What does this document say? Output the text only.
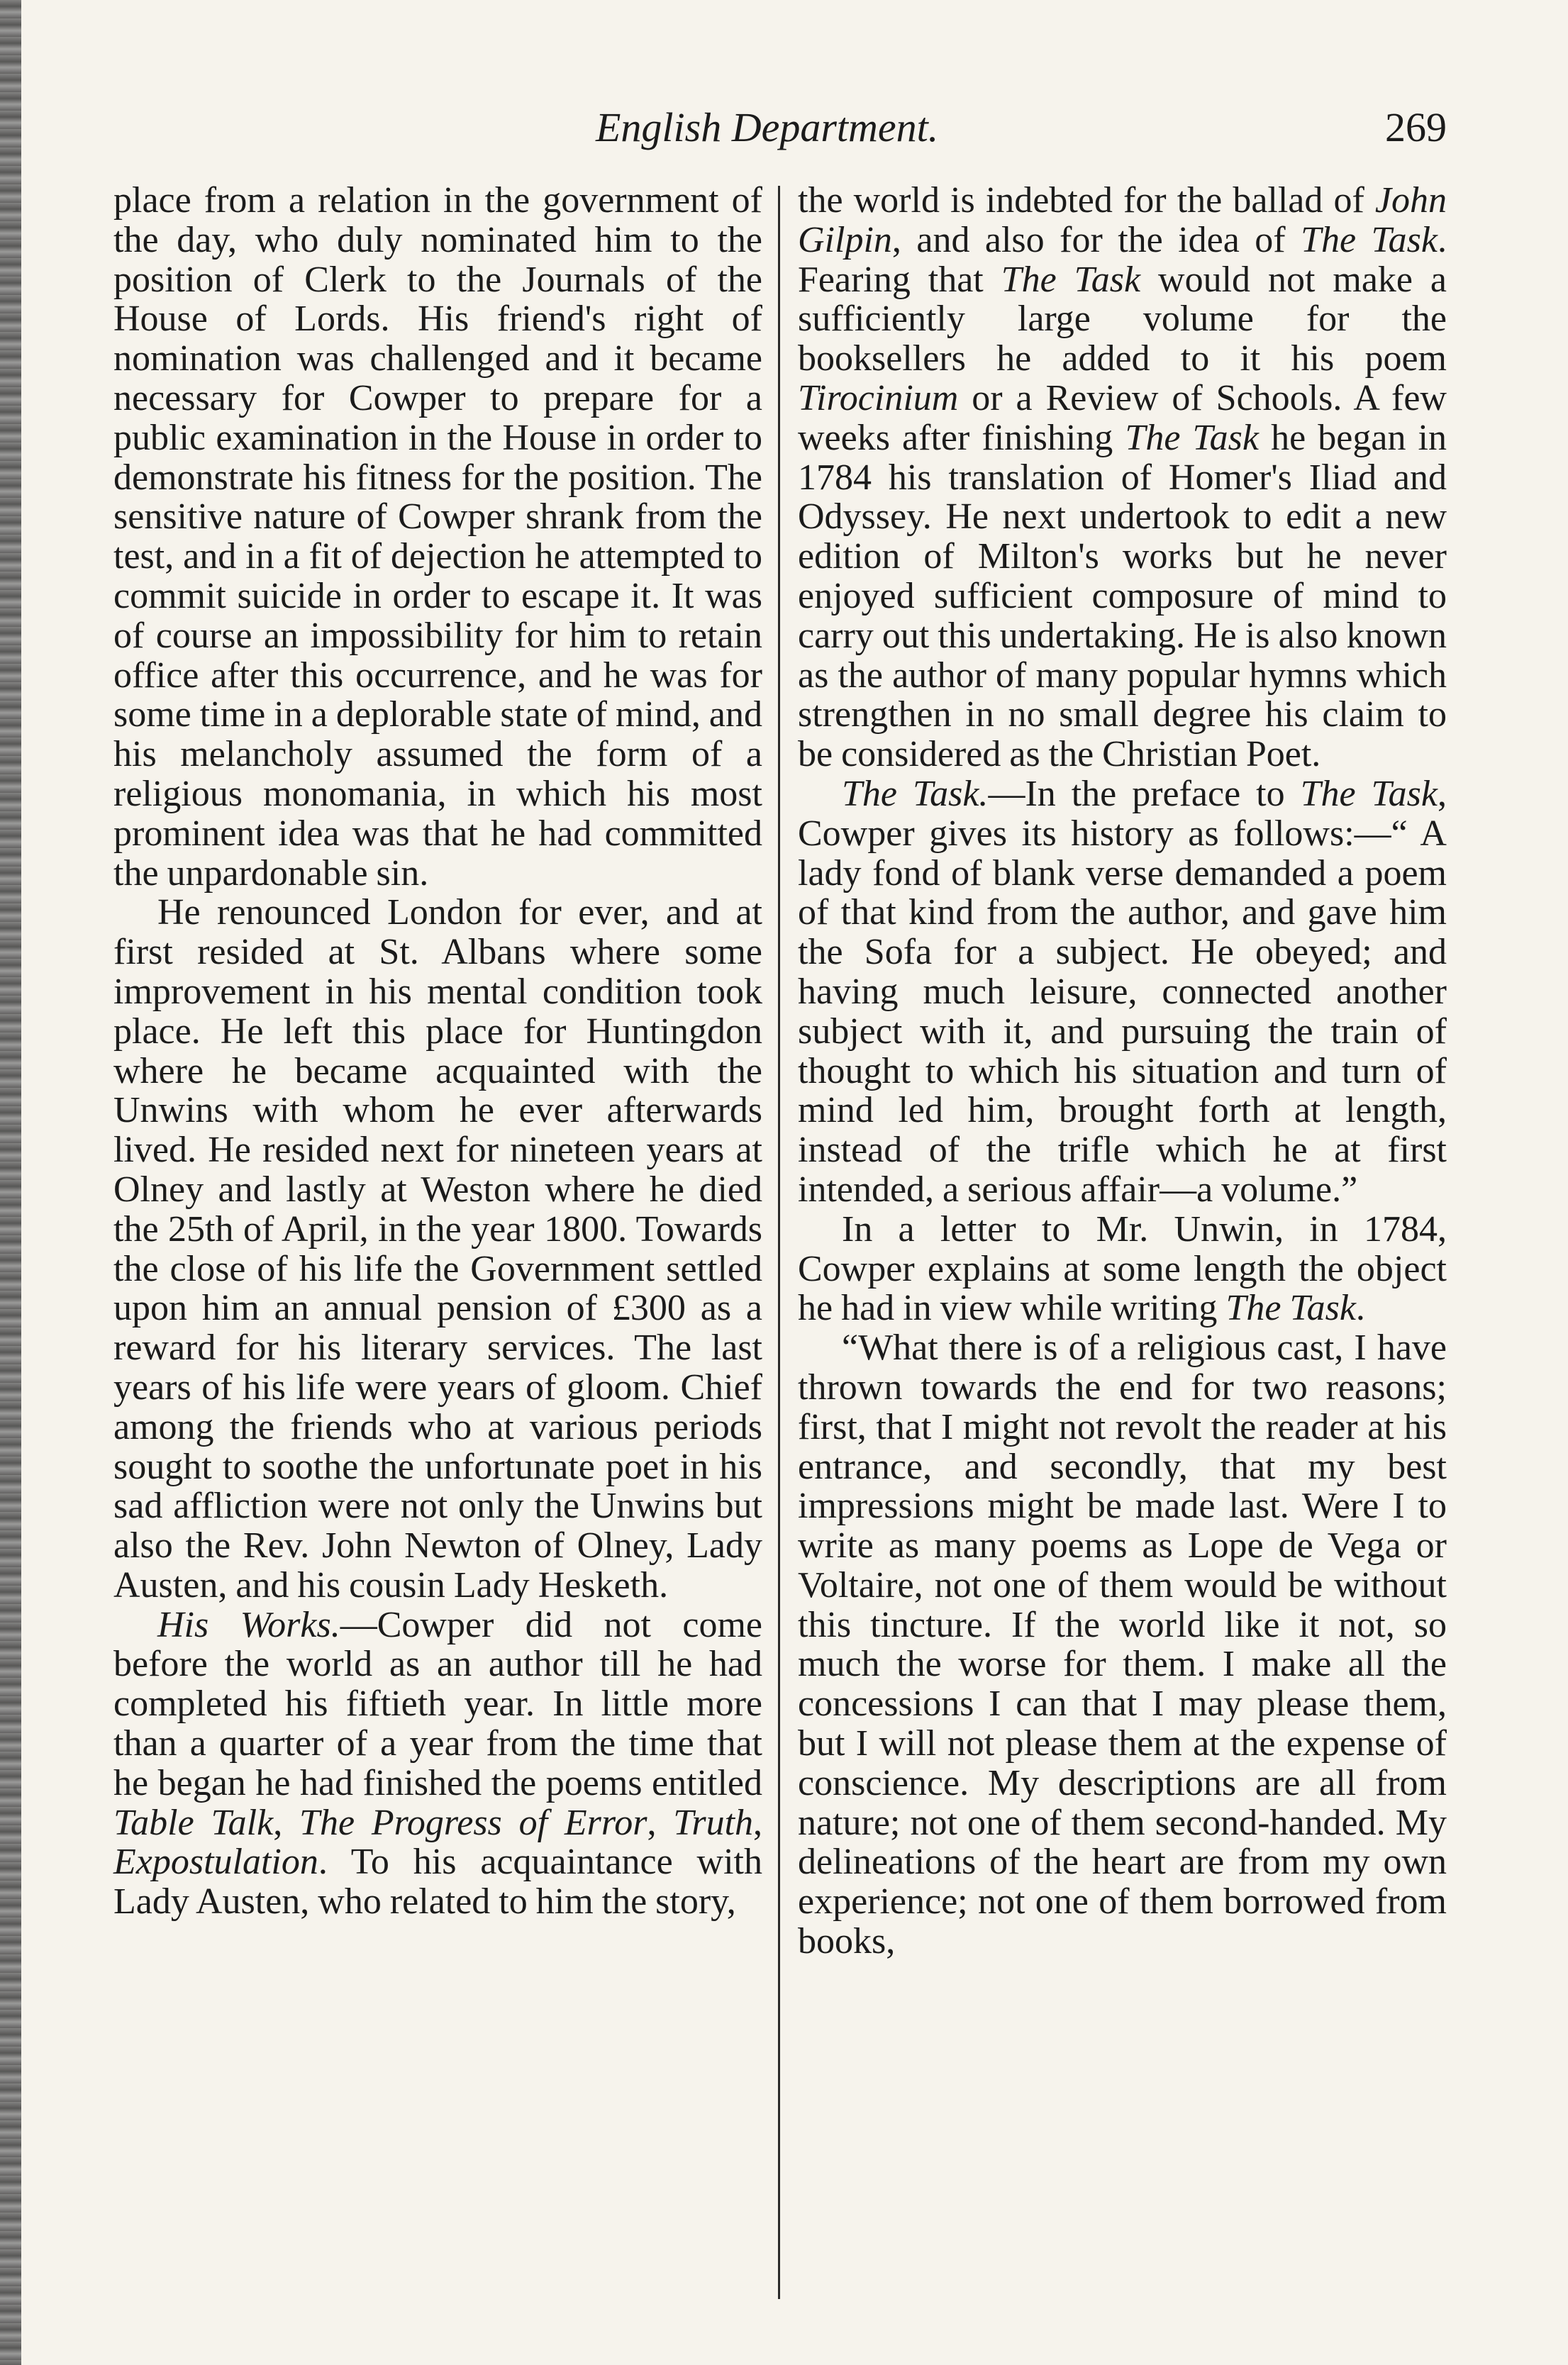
English Department.	269

place from a relation in the government of the day, who duly nominated him to the position of Clerk to the Journals of the House of Lords. His friend's right of nomination was challenged and it became necessary for Cowper to prepare for a public examination in the House in order to demonstrate his fitness for the position. The sensitive nature of Cowper shrank from the test, and in a fit of dejection he attempted to commit suicide in order to escape it. It was of course an impossibility for him to retain office after this occurrence, and he was for some time in a deplorable state of mind, and his melancholy assumed the form of a religious monomania, in which his most prominent idea was that he had committed the unpardonable sin.

He renounced London for ever, and at first resided at St. Albans where some improvement in his mental condition took place. He left this place for Huntingdon where he became acquainted with the Unwins with whom he ever afterwards lived. He resided next for nineteen years at Olney and lastly at Weston where he died the 25th of April, in the year 1800. Towards the close of his life the Government settled upon him an annual pension of £300 as a reward for his literary services. The last years of his life were years of gloom. Chief among the friends who at various periods sought to soothe the unfortunate poet in his sad affliction were not only the Unwins but also the Rev. John Newton of Olney, Lady Austen, and his cousin Lady Hesketh.

His Works.—Cowper did not come before the world as an author till he had completed his fiftieth year. In little more than a quarter of a year from the time that he began he had finished the poems entitled Table Talk, The Progress of Error, Truth, Expostulation. To his acquaintance with Lady Austen, who related to him the story,

the world is indebted for the ballad of John Gilpin, and also for the idea of The Task. Fearing that The Task would not make a sufficiently large volume for the booksellers he added to it his poem Tirocinium or a Review of Schools. A few weeks after finishing The Task he began in 1784 his translation of Homer's Iliad and Odyssey. He next undertook to edit a new edition of Milton's works but he never enjoyed sufficient composure of mind to carry out this undertaking. He is also known as the author of many popular hymns which strengthen in no small degree his claim to be considered as the Christian Poet.

The Task.—In the preface to The Task, Cowper gives its history as follows:—“ A lady fond of blank verse demanded a poem of that kind from the author, and gave him the Sofa for a subject. He obeyed; and having much leisure, connected another subject with it, and pursuing the train of thought to which his situation and turn of mind led him, brought forth at length, instead of the trifle which he at first intended, a serious affair—a volume.”

In a letter to Mr. Unwin, in 1784, Cowper explains at some length the object he had in view while writing The Task.

“What there is of a religious cast, I have thrown towards the end for two reasons; first, that I might not revolt the reader at his entrance, and secondly, that my best impressions might be made last. Were I to write as many poems as Lope de Vega or Voltaire, not one of them would be without this tincture. If the world like it not, so much the worse for them. I make all the concessions I can that I may please them, but I will not please them at the expense of conscience. My descriptions are all from nature; not one of them second-handed. My delineations of the heart are from my own experience; not one of them borrowed from books,
